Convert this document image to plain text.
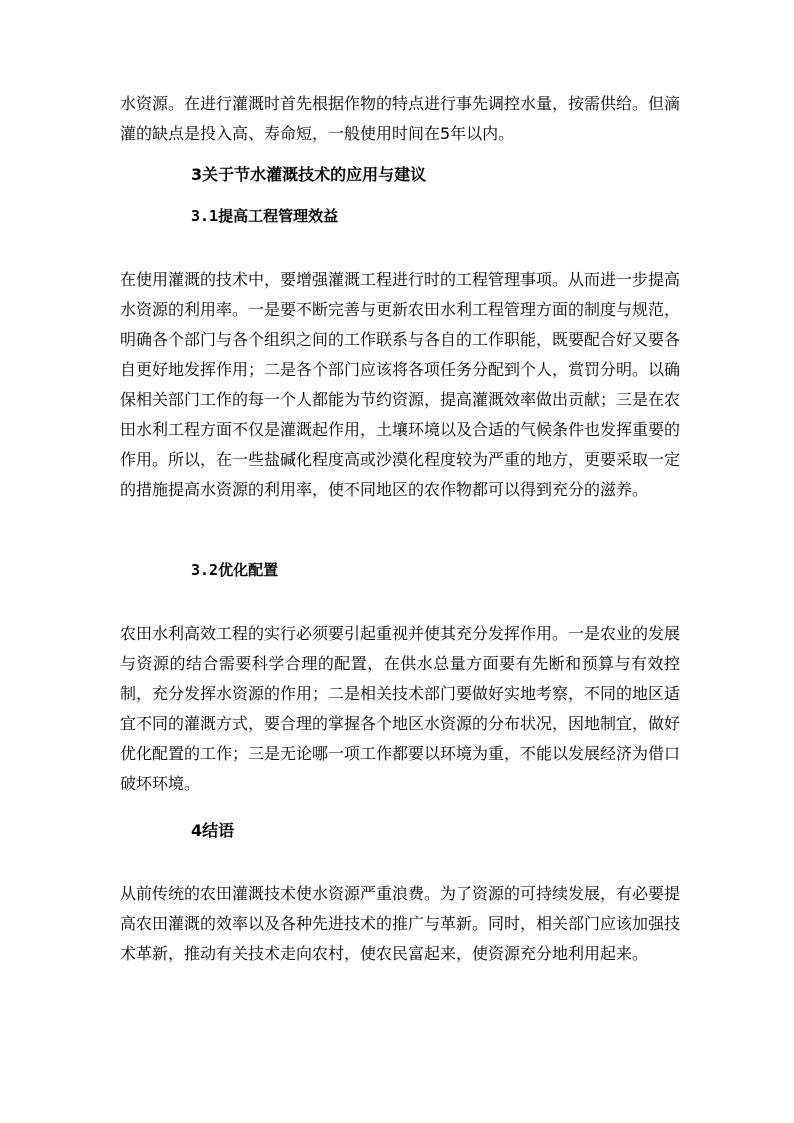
水资源。在进行灌溉时首先根据作物的特点进行事先调控水量，按需供给。但滴灌的缺点是投入高、寿命短，一般使用时间在5年以内。

3关于节水灌溉技术的应用与建议
3.1提高工程管理效益

在使用灌溉的技术中，要增强灌溉工程进行时的工程管理事项。从而进一步提高水资源的利用率。一是要不断完善与更新农田水利工程管理方面的制度与规范，明确各个部门与各个组织之间的工作联系与各自的工作职能，既要配合好又要各自更好地发挥作用；二是各个部门应该将各项任务分配到个人，赏罚分明。以确保相关部门工作的每一个人都能为节约资源，提高灌溉效率做出贡献；三是在农田水利工程方面不仅是灌溉起作用，土壤环境以及合适的气候条件也发挥重要的作用。所以，在一些盐碱化程度高或沙漠化程度较为严重的地方，更要采取一定的措施提高水资源的利用率，使不同地区的农作物都可以得到充分的滋养。

3.2优化配置

农田水利高效工程的实行必须要引起重视并使其充分发挥作用。一是农业的发展与资源的结合需要科学合理的配置，在供水总量方面要有先断和预算与有效控制，充分发挥水资源的作用；二是相关技术部门要做好实地考察，不同的地区适宜不同的灌溉方式，要合理的掌握各个地区水资源的分布状况，因地制宜，做好优化配置的工作；三是无论哪一项工作都要以环境为重，不能以发展经济为借口破坏环境。

4结语

从前传统的农田灌溉技术使水资源严重浪费。为了资源的可持续发展，有必要提高农田灌溉的效率以及各种先进技术的推广与革新。同时，相关部门应该加强技术革新，推动有关技术走向农村，使农民富起来，使资源充分地利用起来。
